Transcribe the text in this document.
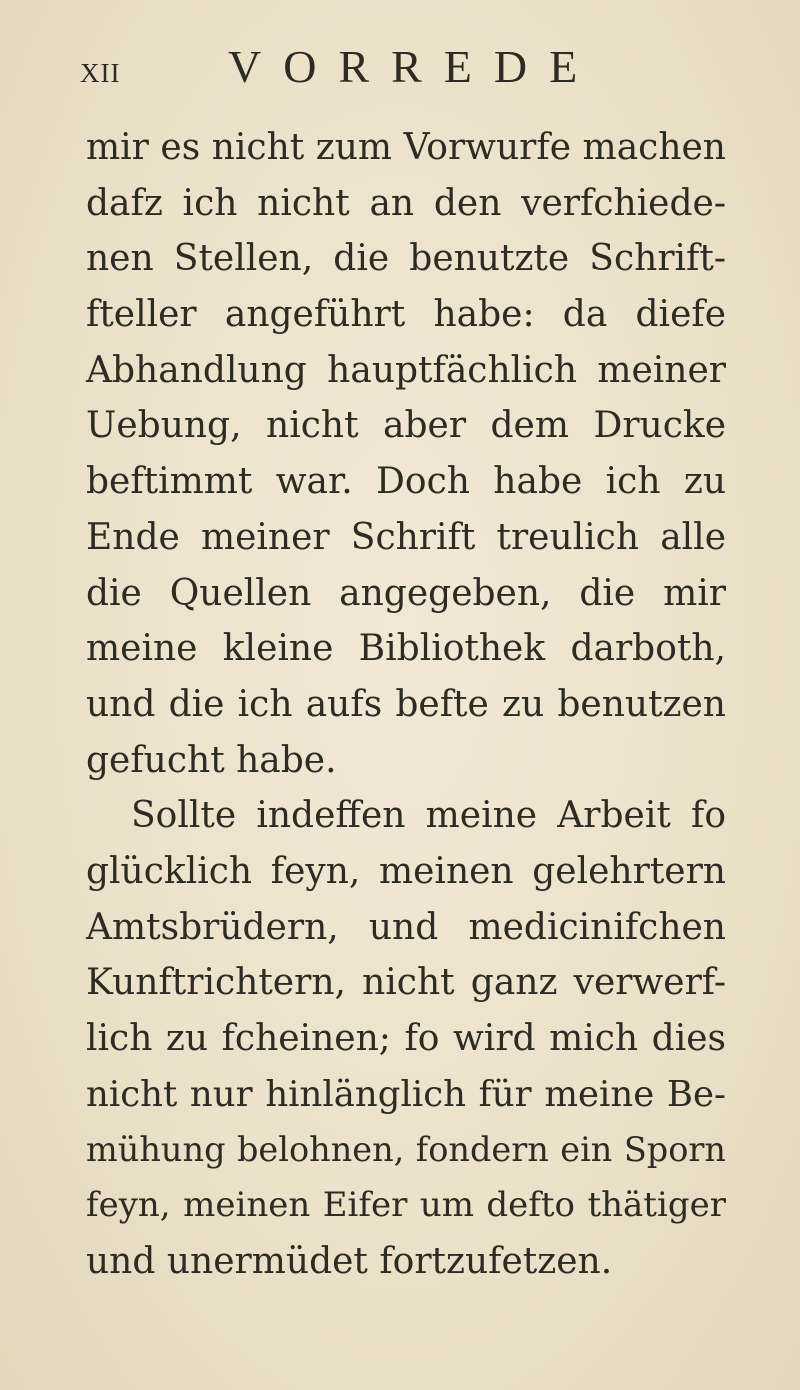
XII	VORREDE
mir es nicht zum Vorwurfe machen
dafz ich nicht an den verfchiede-
nen Stellen, die benutzte Schrift-
fteller angeführt habe: da diefe
Abhandlung hauptfächlich meiner
Uebung, nicht aber dem Drucke
beftimmt war. Doch habe ich zu
Ende meiner Schrift treulich alle
die Quellen angegeben, die mir
meine kleine Bibliothek darboth,
und die ich aufs befte zu benutzen
gefucht habe.
Sollte indeffen meine Arbeit fo
glücklich feyn, meinen gelehrtern
Amtsbrüdern, und medicinifchen
Kunftrichtern, nicht ganz verwerf-
lich zu fcheinen; fo wird mich dies
nicht nur hinlänglich für meine Be-
mühung belohnen, fondern ein Sporn
feyn, meinen Eifer um defto thätiger
und unermüdet fortzufetzen.
